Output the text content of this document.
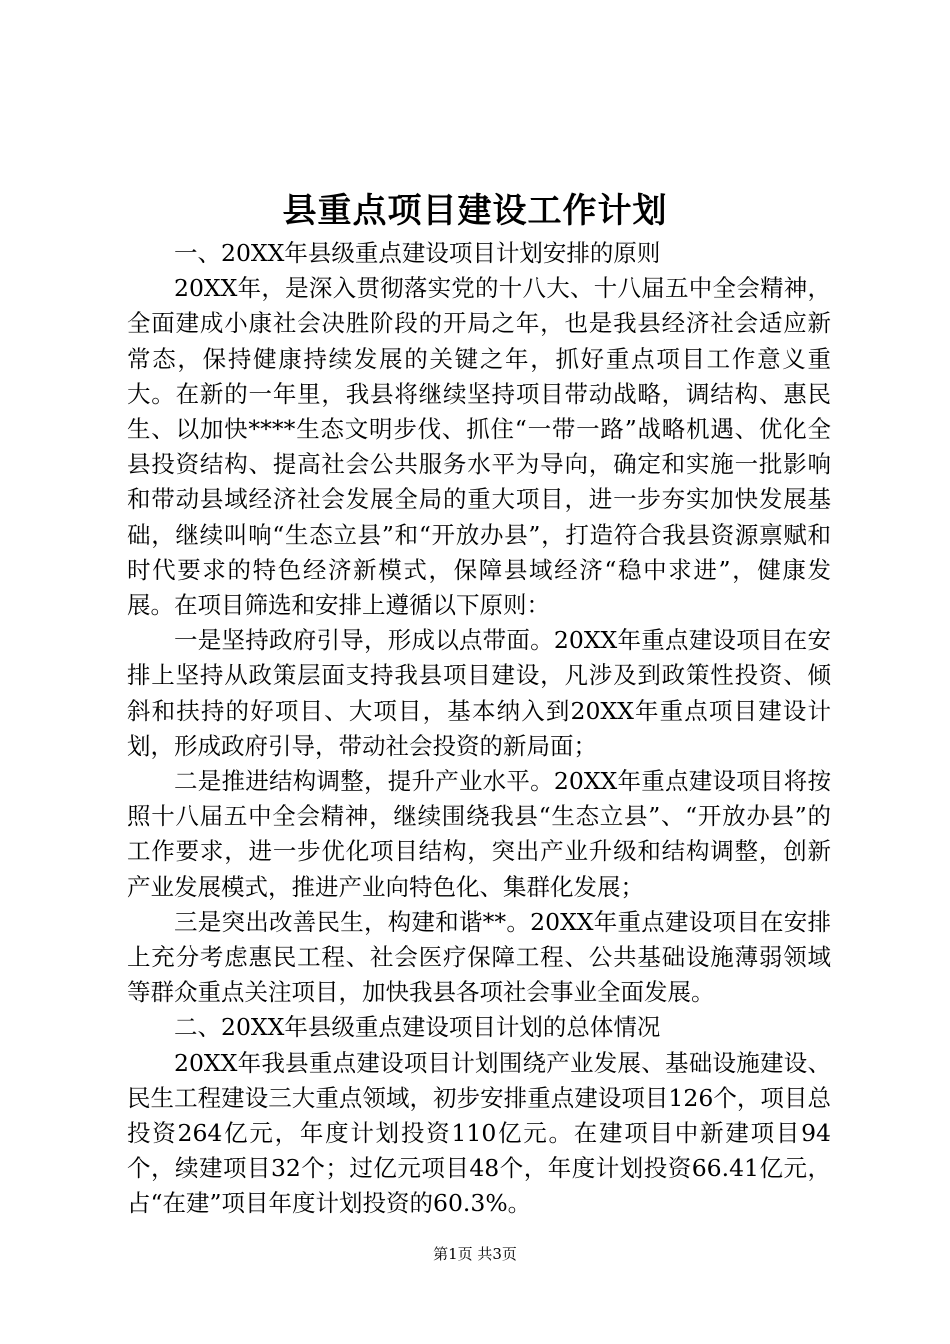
县重点项目建设工作计划

一、20XX年县级重点建设项目计划安排的原则

20XX年，是深入贯彻落实党的十八大、十八届五中全会精神，全面建成小康社会决胜阶段的开局之年，也是我县经济社会适应新常态，保持健康持续发展的关键之年，抓好重点项目工作意义重大。在新的一年里，我县将继续坚持项目带动战略，调结构、惠民生、以加快****生态文明步伐、抓住“一带一路”战略机遇、优化全县投资结构、提高社会公共服务水平为导向，确定和实施一批影响和带动县域经济社会发展全局的重大项目，进一步夯实加快发展基础，继续叫响“生态立县”和“开放办县”，打造符合我县资源禀赋和时代要求的特色经济新模式，保障县域经济“稳中求进”，健康发展。在项目筛选和安排上遵循以下原则：

一是坚持政府引导，形成以点带面。20XX年重点建设项目在安排上坚持从政策层面支持我县项目建设，凡涉及到政策性投资、倾斜和扶持的好项目、大项目，基本纳入到20XX年重点项目建设计划，形成政府引导，带动社会投资的新局面；

二是推进结构调整，提升产业水平。20XX年重点建设项目将按照十八届五中全会精神，继续围绕我县“生态立县”、“开放办县”的工作要求，进一步优化项目结构，突出产业升级和结构调整，创新产业发展模式，推进产业向特色化、集群化发展；

三是突出改善民生，构建和谐**。20XX年重点建设项目在安排上充分考虑惠民工程、社会医疗保障工程、公共基础设施薄弱领域等群众重点关注项目，加快我县各项社会事业全面发展。

二、20XX年县级重点建设项目计划的总体情况

20XX年我县重点建设项目计划围绕产业发展、基础设施建设、民生工程建设三大重点领域，初步安排重点建设项目126个，项目总投资264亿元，年度计划投资110亿元。在建项目中新建项目94个，续建项目32个；过亿元项目48个，年度计划投资66.41亿元，占“在建”项目年度计划投资的60.3%。

第1页 共3页
